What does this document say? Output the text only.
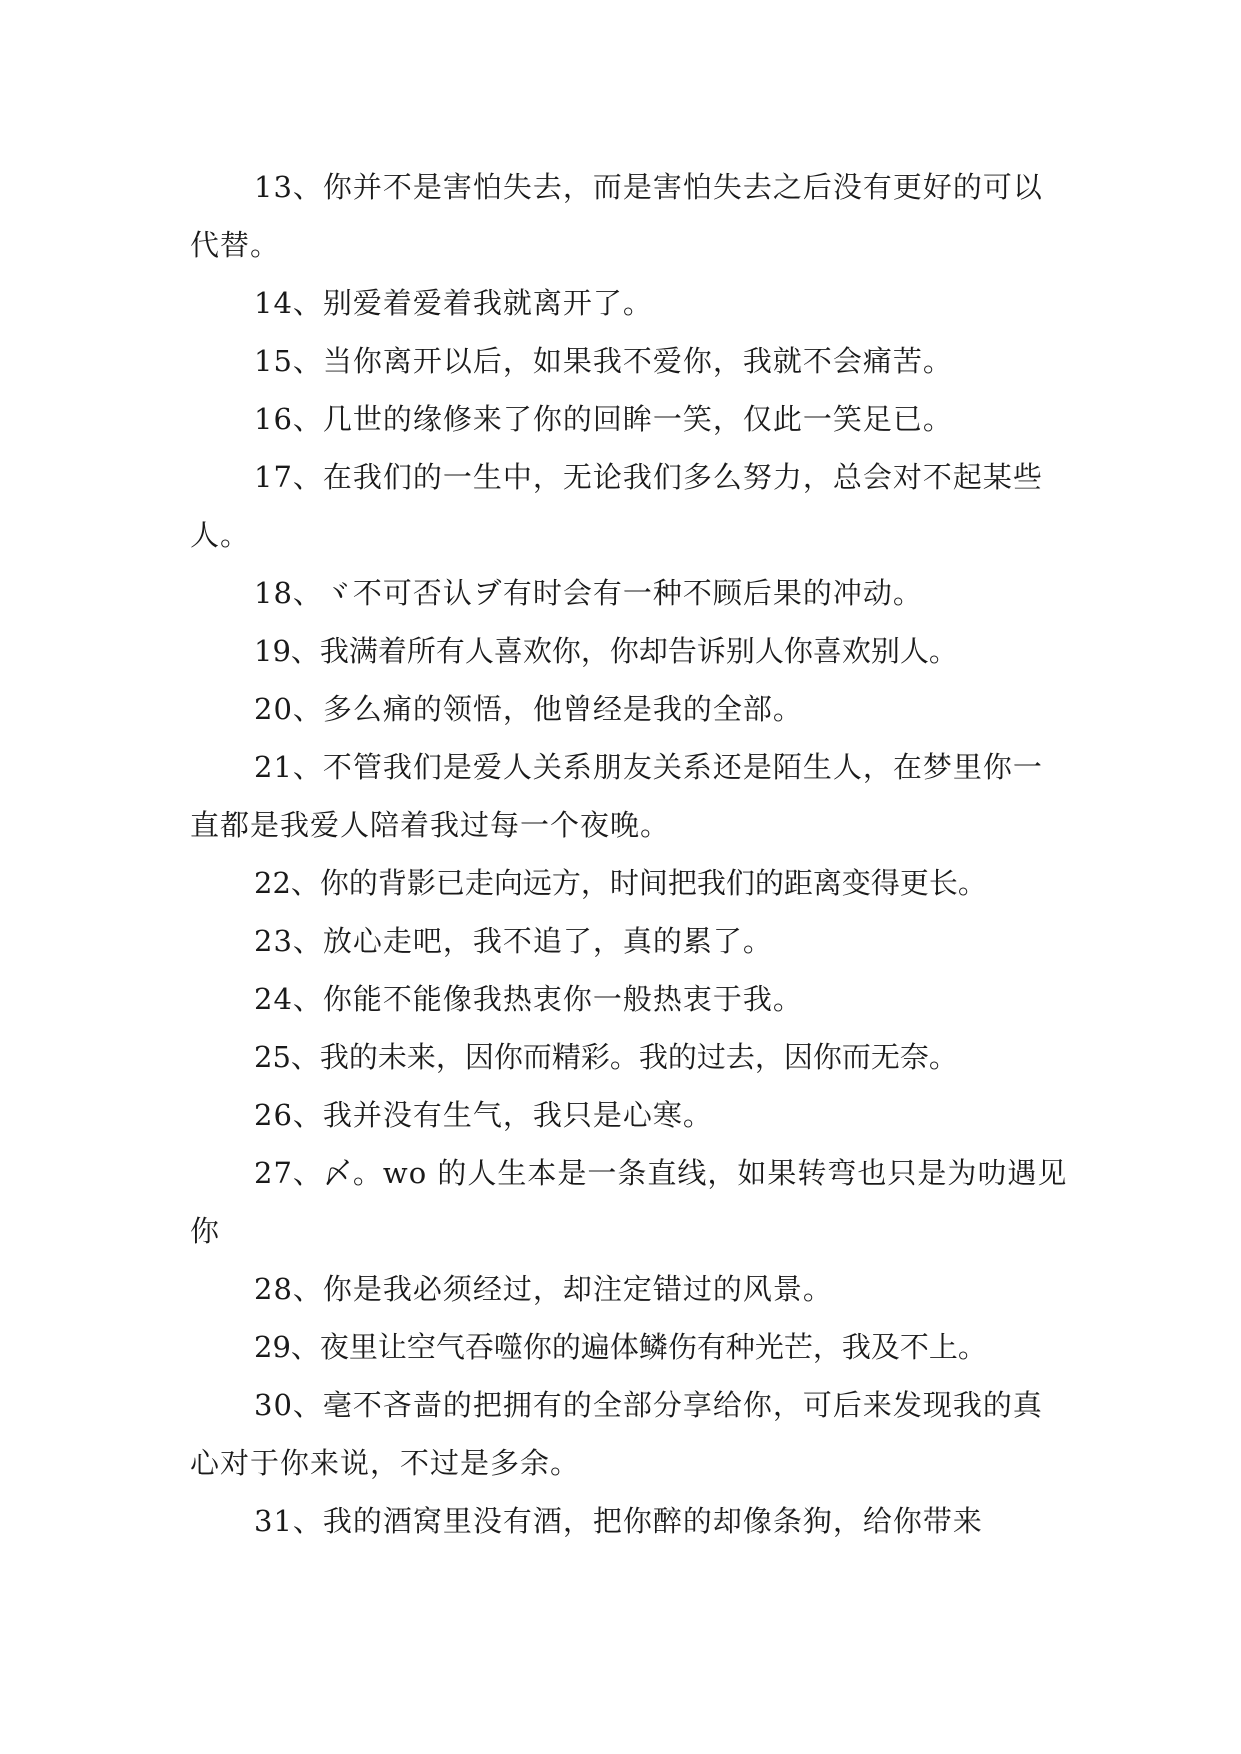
13、你并不是害怕失去，而是害怕失去之后没有更好的可以代替。

14、别爱着爱着我就离开了。

15、当你离开以后，如果我不爱你，我就不会痛苦。

16、几世的缘修来了你的回眸一笑，仅此一笑足已。

17、在我们的一生中，无论我们多么努力，总会对不起某些人。

18、ヾ不可否认ヺ有时会有一种不顾后果的冲动。

19、我满着所有人喜欢你，你却告诉别人你喜欢别人。

20、多么痛的领悟，他曾经是我的全部。

21、不管我们是爱人关系朋友关系还是陌生人，在梦里你一直都是我爱人陪着我过每一个夜晚。

22、你的背影已走向远方，时间把我们的距离变得更长。

23、放心走吧，我不追了，真的累了。

24、你能不能像我热衷你一般热衷于我。

25、我的未来，因你而精彩。我的过去，因你而无奈。

26、我并没有生气，我只是心寒。

27、〆。wo 的人生本是一条直线，如果转弯也只是为叻遇见你

28、你是我必须经过，却注定错过的风景。

29、夜里让空气吞噬你的遍体鳞伤有种光芒，我及不上。

30、毫不吝啬的把拥有的全部分享给你，可后来发现我的真心对于你来说，不过是多余。

31、我的酒窝里没有酒，把你醉的却像条狗，给你带来
